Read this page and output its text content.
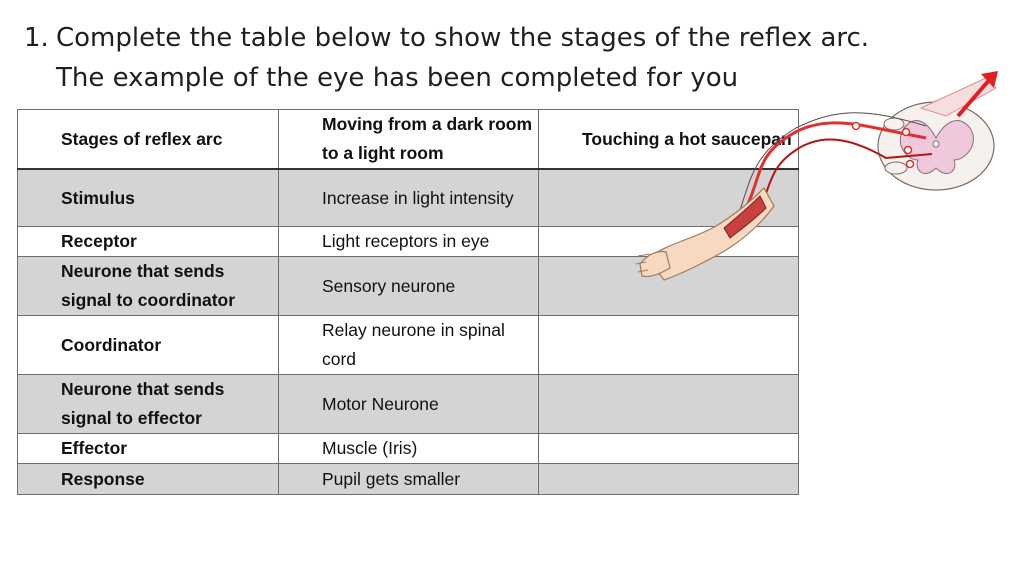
1. Complete the table below to show the stages of the reflex arc.
The example of the eye has been completed for you
Stages of reflex arc	Moving from a dark room to a light room	Touching a hot saucepan
Stimulus	Increase in light intensity	
Receptor	Light receptors in eye	
Neurone that sends signal to coordinator	Sensory neurone	
Coordinator	Relay neurone in spinal cord	
Neurone that sends signal to effector	Motor Neurone	
Effector	Muscle (Iris)	
Response	Pupil gets smaller	
